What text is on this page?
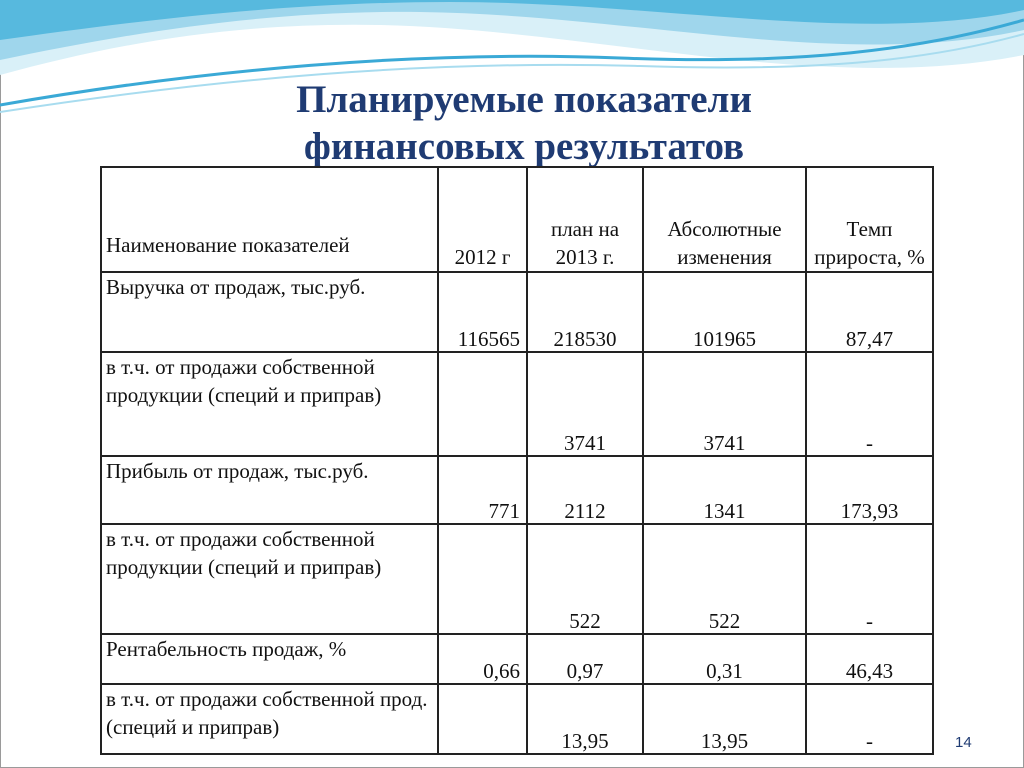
Планируемые показатели
финансовых результатов
Наименование показателей	2012 г	план на 2013 г.	Абсолютные изменения	Темп прироста, %
Выручка от продаж, тыс.руб.	116565	218530	101965	87,47
в т.ч. от продажи собственной продукции (специй и приправ)		3741	3741	-
Прибыль от продаж, тыс.руб.	771	2112	1341	173,93
в т.ч. от продажи собственной продукции (специй и приправ)		522	522	-
Рентабельность продаж, %	0,66	0,97	0,31	46,43
в т.ч. от продажи собственной прод. (специй и приправ)		13,95	13,95	-	14
